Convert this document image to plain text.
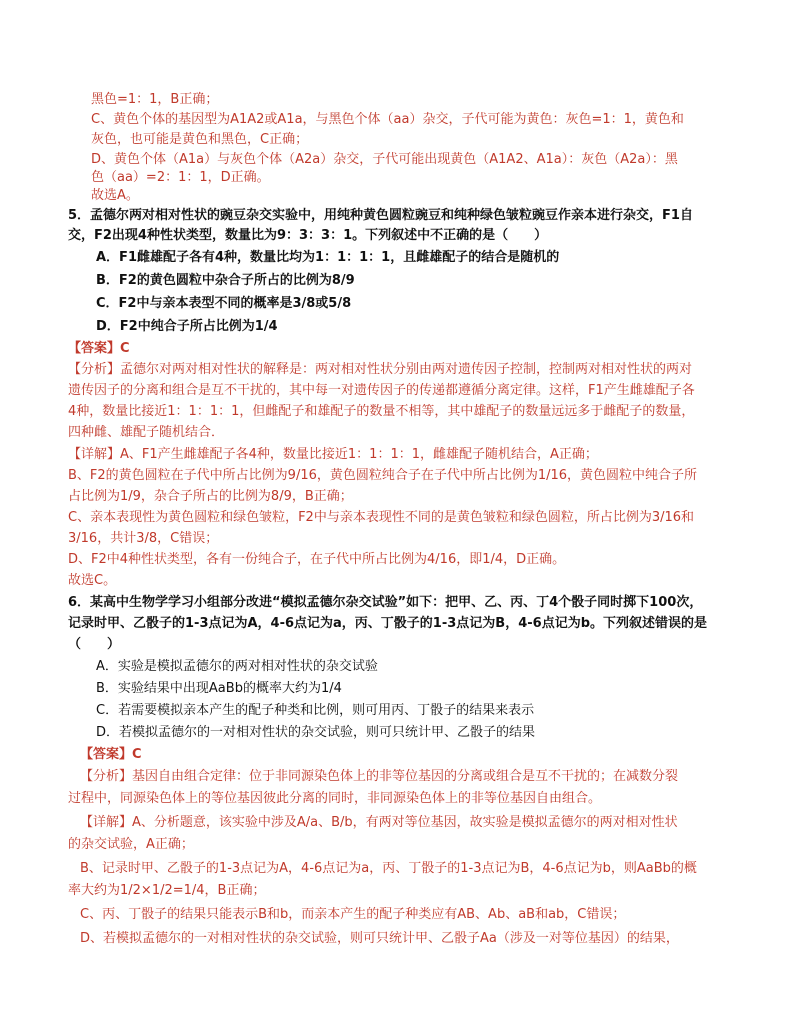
黑色=1：1，B正确；
C、黄色个体的基因型为A1A2或A1a，与黑色个体（aa）杂交，子代可能为黄色：灰色=1：1，黄色和
灰色，也可能是黄色和黑色，C正确；
D、黄色个体（A1a）与灰色个体（A2a）杂交，子代可能出现黄色（A1A2、A1a）：灰色（A2a）：黑
色（aa）=2：1：1，D正确。
故选A。
5．孟德尔两对相对性状的豌豆杂交实验中，用纯种黄色圆粒豌豆和纯种绿色皱粒豌豆作亲本进行杂交，F1自
交，F2出现4种性状类型，数量比为9：3：3：1。下列叙述中不正确的是（　　）
A．F1雌雄配子各有4种，数量比均为1：1：1：1，且雌雄配子的结合是随机的
B．F2的黄色圆粒中杂合子所占的比例为8/9
C．F2中与亲本表型不同的概率是3/8或5/8
D．F2中纯合子所占比例为1/4
【答案】C
【分析】孟德尔对两对相对性状的解释是：两对相对性状分别由两对遗传因子控制，控制两对相对性状的两对
遗传因子的分离和组合是互不干扰的，其中每一对遗传因子的传递都遵循分离定律。这样，F1产生雌雄配子各
4种，数量比接近1：1：1：1，但雌配子和雄配子的数量不相等，其中雄配子的数量远远多于雌配子的数量，
四种雌、雄配子随机结合．
【详解】A、F1产生雌雄配子各4种，数量比接近1：1：1：1，雌雄配子随机结合，A正确；
B、F2的黄色圆粒在子代中所占比例为9/16，黄色圆粒纯合子在子代中所占比例为1/16，黄色圆粒中纯合子所
占比例为1/9，杂合子所占的比例为8/9，B正确；
C、亲本表现性为黄色圆粒和绿色皱粒，F2中与亲本表现性不同的是黄色皱粒和绿色圆粒，所占比例为3/16和
3/16，共计3/8，C错误；
D、F2中4种性状类型，各有一份纯合子，在子代中所占比例为4/16，即1/4，D正确。
故选C。
6．某高中生物学学习小组部分改进“模拟孟德尔杂交试验”如下：把甲、乙、丙、丁4个骰子同时掷下100次，
记录时甲、乙骰子的1-3点记为A，4-6点记为a，丙、丁骰子的1-3点记为B，4-6点记为b。下列叙述错误的是
（　　）
A．实验是模拟孟德尔的两对相对性状的杂交试验
B．实验结果中出现AaBb的概率大约为1/4
C．若需要模拟亲本产生的配子种类和比例，则可用丙、丁骰子的结果来表示
D．若模拟孟德尔的一对相对性状的杂交试验，则可只统计甲、乙骰子的结果
【答案】C
【分析】基因自由组合定律：位于非同源染色体上的非等位基因的分离或组合是互不干扰的；在减数分裂
过程中，同源染色体上的等位基因彼此分离的同时，非同源染色体上的非等位基因自由组合。
【详解】A、分析题意，该实验中涉及A/a、B/b，有两对等位基因，故实验是模拟孟德尔的两对相对性状
的杂交试验，A正确；
B、记录时甲、乙骰子的1-3点记为A，4-6点记为a，丙、丁骰子的1-3点记为B，4-6点记为b，则AaBb的概
率大约为1/2×1/2=1/4，B正确；
C、丙、丁骰子的结果只能表示B和b，而亲本产生的配子种类应有AB、Ab、aB和ab，C错误；
D、若模拟孟德尔的一对相对性状的杂交试验，则可只统计甲、乙骰子Aa（涉及一对等位基因）的结果，
